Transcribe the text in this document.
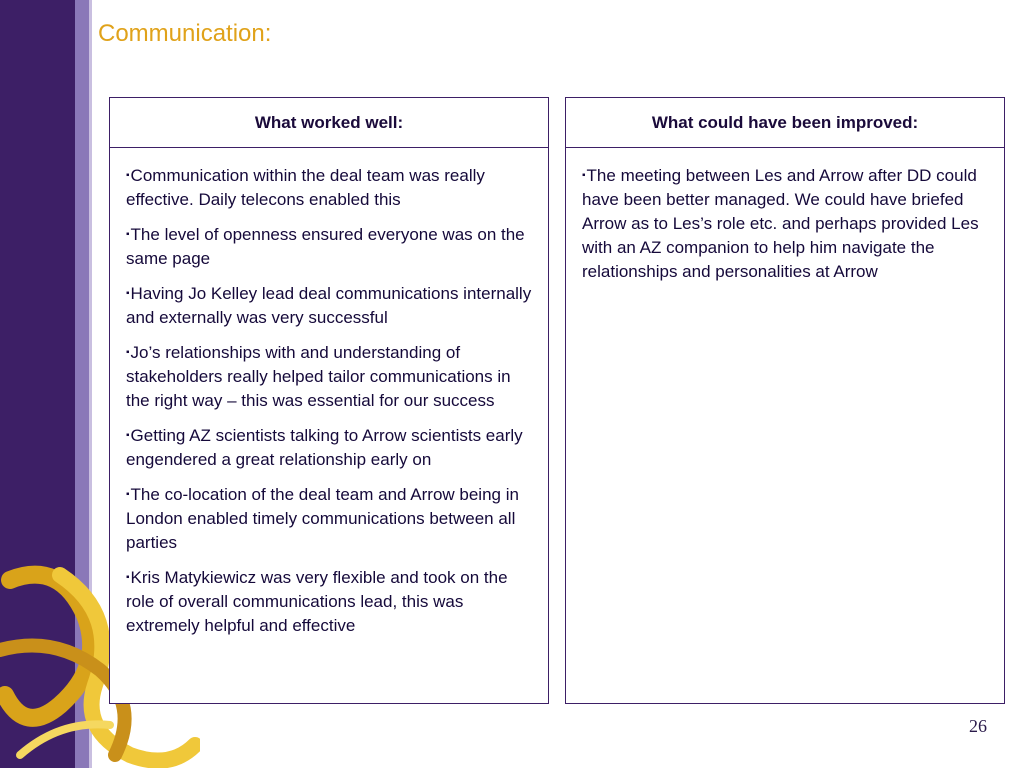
Communication:
What worked well:

▪Communication within the deal team was really effective. Daily telecons enabled this

▪The level of openness ensured everyone was on the same page

▪Having Jo Kelley lead deal communications internally and externally was very successful

▪Jo’s relationships with and understanding of stakeholders really helped tailor communications in the right way – this was essential for our success

▪Getting AZ scientists talking to Arrow scientists early engendered a great relationship early on

▪The co-location of the deal team and Arrow being in London enabled timely communications between all parties

▪Kris Matykiewicz was very flexible and took on the role of overall communications lead, this was extremely helpful and effective

What could have been improved:

▪The meeting between Les and Arrow after DD could have been better managed. We could have briefed Arrow as to Les’s role etc. and perhaps provided Les with an AZ companion to help him navigate the relationships and personalities at Arrow

26
